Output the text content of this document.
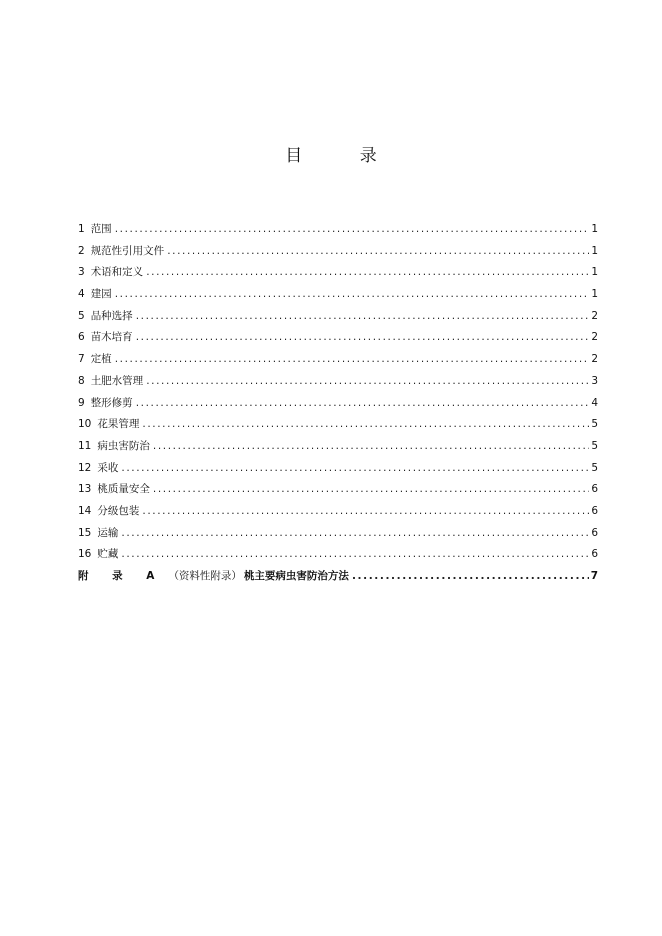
目 录
1 范围 .....	1
2 规范性引用文件 .....	1
3 术语和定义 .....	1
4 建园 .....	1
5 品种选择 .....	2
6 苗木培育 .....	2
7 定植 .....	2
8 土肥水管理 .....	3
9 整形修剪 .....	4
10 花果管理 .....	5
11 病虫害防治 .....	5
12 采收 .....	5
13 桃质量安全 .....	6
14 分级包装 .....	6
15 运输 .....	6
16 贮藏 .....	6
附 录 A （资料性附录） 桃主要病虫害防治方法 .....	7
